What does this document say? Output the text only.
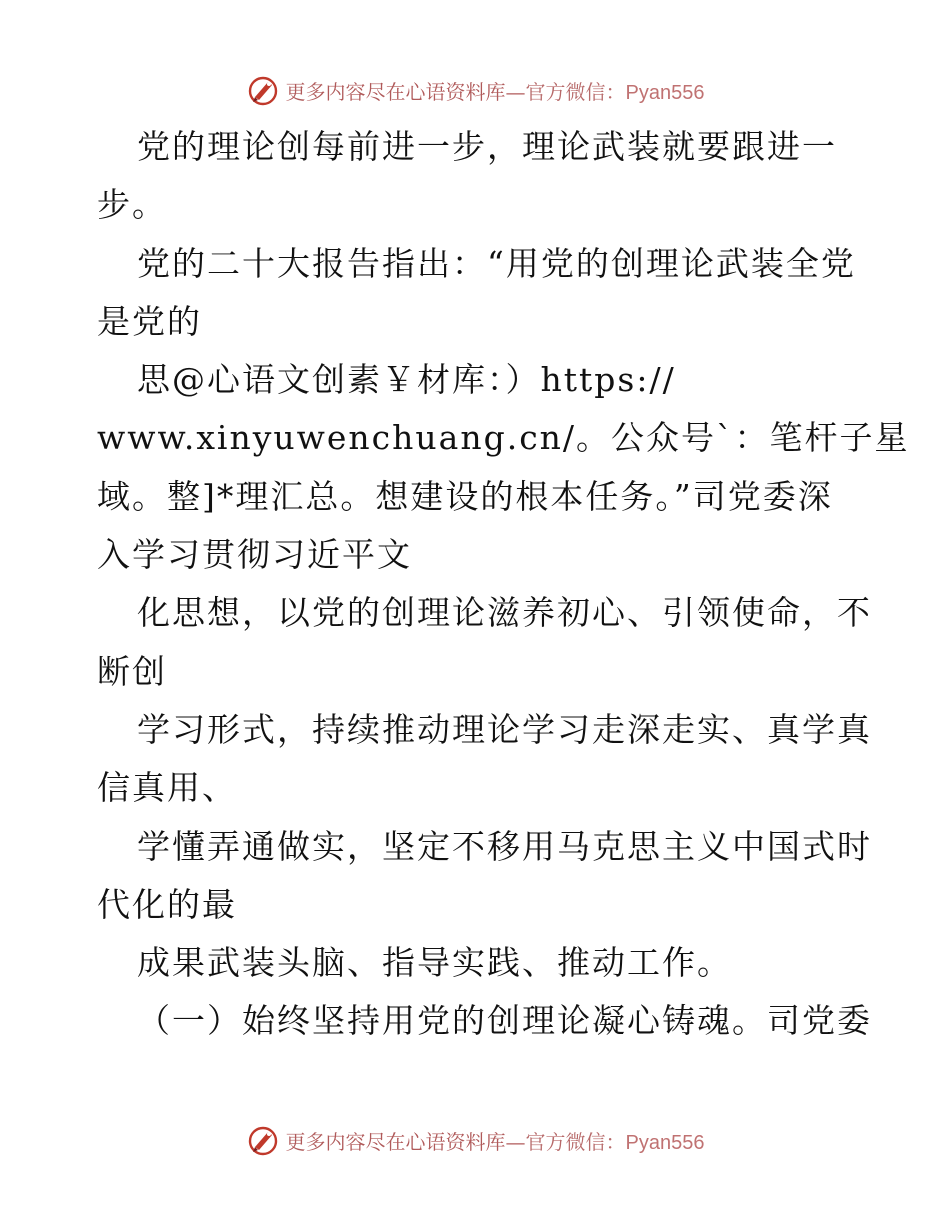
更多内容尽在心语资料库—官方微信：Pyan556
党的理论创每前进一步，理论武装就要跟进一
步。
党的二十大报告指出：“用党的创理论武装全党
是党的
思@心语文创素￥材库：）https://
www.xinyuwenchuang.cn/。公众号`：笔杆子星
域。整]*理汇总。想建设的根本任务。”司党委深
入学习贯彻习近平文
化思想，以党的创理论滋养初心、引领使命，不
断创
学习形式，持续推动理论学习走深走实、真学真
信真用、
学懂弄通做实，坚定不移用马克思主义中国式时
代化的最
成果武装头脑、指导实践、推动工作。
（一）始终坚持用党的创理论凝心铸魂。司党委
更多内容尽在心语资料库—官方微信：Pyan556
